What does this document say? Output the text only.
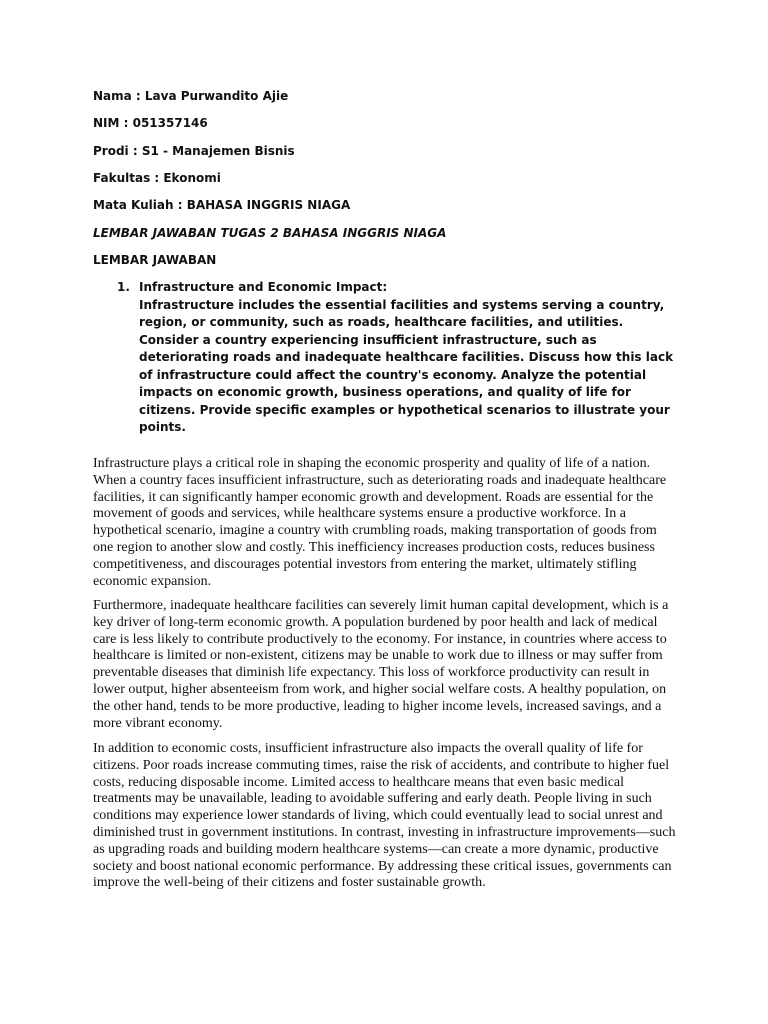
Nama : Lava Purwandito Ajie
NIM : 051357146
Prodi : S1 - Manajemen Bisnis
Fakultas : Ekonomi
Mata Kuliah : BAHASA INGGRIS NIAGA
LEMBAR JAWABAN TUGAS 2 BAHASA INGGRIS NIAGA
LEMBAR JAWABAN
1. Infrastructure and Economic Impact:
Infrastructure includes the essential facilities and systems serving a country, region, or community, such as roads, healthcare facilities, and utilities. Consider a country experiencing insufficient infrastructure, such as deteriorating roads and inadequate healthcare facilities. Discuss how this lack of infrastructure could affect the country's economy. Analyze the potential impacts on economic growth, business operations, and quality of life for citizens. Provide specific examples or hypothetical scenarios to illustrate your points.

Infrastructure plays a critical role in shaping the economic prosperity and quality of life of a nation. When a country faces insufficient infrastructure, such as deteriorating roads and inadequate healthcare facilities, it can significantly hamper economic growth and development. Roads are essential for the movement of goods and services, while healthcare systems ensure a productive workforce. In a hypothetical scenario, imagine a country with crumbling roads, making transportation of goods from one region to another slow and costly. This inefficiency increases production costs, reduces business competitiveness, and discourages potential investors from entering the market, ultimately stifling economic expansion.

Furthermore, inadequate healthcare facilities can severely limit human capital development, which is a key driver of long-term economic growth. A population burdened by poor health and lack of medical care is less likely to contribute productively to the economy. For instance, in countries where access to healthcare is limited or non-existent, citizens may be unable to work due to illness or may suffer from preventable diseases that diminish life expectancy. This loss of workforce productivity can result in lower output, higher absenteeism from work, and higher social welfare costs. A healthy population, on the other hand, tends to be more productive, leading to higher income levels, increased savings, and a more vibrant economy.

In addition to economic costs, insufficient infrastructure also impacts the overall quality of life for citizens. Poor roads increase commuting times, raise the risk of accidents, and contribute to higher fuel costs, reducing disposable income. Limited access to healthcare means that even basic medical treatments may be unavailable, leading to avoidable suffering and early death. People living in such conditions may experience lower standards of living, which could eventually lead to social unrest and diminished trust in government institutions. In contrast, investing in infrastructure improvements—such as upgrading roads and building modern healthcare systems—can create a more dynamic, productive society and boost national economic performance. By addressing these critical issues, governments can improve the well-being of their citizens and foster sustainable growth.
